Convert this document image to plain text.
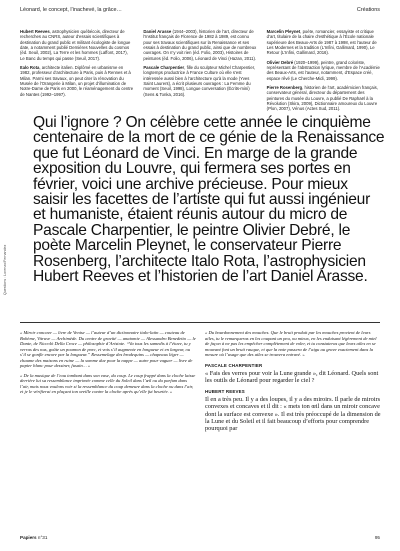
Léonard, le concept, l’inachevé, la grâce…	Créations

Hubert Reeves, astrophysicien québécois, directeur de recherches au CNRS, auteur d’essais scientifiques à destination du grand public et militant écologiste de longue date, a notamment publié Dernières Nouvelles du cosmos (éd. Seuil, 2002), La Terre et les hommes (Laffont, 2017), Le Banc du temps qui passe (Seuil, 2017).

Italo Rota, architecte italien. Diplômé en urbanisme en 1982, professeur d’architecture à Paris, puis à Rennes et à Milan. Parmi ses travaux, on peut citer la rénovation du Musée de l’Orangerie à Milan, un projet d’illumination de Notre-Dame de Paris en 2000, le réaménagement du centre de Nantes (1992–1997).

Daniel Arasse (1944–2003), historien de l’art, directeur de l’Institut français de Florence de 1982 à 1989, est connu pour ses travaux scientifiques sur la Renaissance et ses essais à destination du grand public, ainsi que de nombreux ouvrages. On n’y voit rien (éd. Folio, 2003), Histoires de peintures (éd. Folio, 2006), Léonard de Vinci (Hazan, 2011).

Pascale Charpentier, fille du sculpteur Michel Charpentier, longtemps productrice à France Culture où elle s’est intéressée aussi bien à l’architecture qu’à la mode (Yves Saint Laurent), a écrit plusieurs ouvrages : La Femme du moment (Seuil, 1998), Longue conversation (Écrits-mini) (Sens & Tonka, 2016).

Marcelin Pleynet, poète, romancier, essayiste et critique d’art, titulaire de la chaire d’esthétique à l’École nationale supérieure des Beaux-Arts de 1987 à 1998, est l’auteur de Les Modernes et la tradition (L’Infini, Gallimard, 1990), Le Retour (L’Infini, Gallimard, 2016).

Olivier Debré (1920–1999), peintre, grand coloriste, représentant de l’abstraction lyrique, membre de l’Académie des Beaux-Arts, est l’auteur, notamment, d’Espace créé, espace rêvé (Le Cherche-Midi, 1999).

Pierre Rosenberg, historien de l’art, académicien français, conservateur général, directeur du département des peintures du musée du Louvre, a publié De Raphaël à la Révolution (Skira, 2009), Dictionnaire amoureux du Louvre (Plon, 2007), Vénus (Actes Sud, 2011).

Questions : Lorenzo/Fernandez

Qui l’ignore ? On célèbre cette année le cinquième centenaire de la mort de ce génie de la Renaissance que fut Léonard de Vinci. En marge de la grande exposition du Louvre, qui fermera ses portes en février, voici une archive précieuse. Pour mieux saisir les facettes de l’artiste qui fut aussi ingénieur et humaniste, étaient réunis autour du micro de Pascale Charpentier, le peintre Olivier Debré, le poète Marcelin Pleynet, le conservateur Pierre Rosenberg, l’architecte Italo Rota, l’astrophysicien Hubert Reeves et l’historien de l’art Daniel Arasse.

« Miroir concave — livre de Venise — l’auteur d’un dictionnaire italo-latin — couteau de Bohème, Vitruve — Archimède. Du centre de gravité — anatomie — Alessandro Benedetto — le Dante, de Niccolò Della Croce — philosophie d’Aristote. “Va tous les samedis à l’étuve, tu y verras des nus, goûte un poumon de porc, et vois s’il augmente en longueur et en largeur, ou s’il se gonfle encore par la longueur.” Ressemelage des brodequins — chapeaux léger — chaume des maisons en ruine — la somme due pour la nappe — autre pour vaguer — livre de papier blanc pour dessiner, fusain… »

« De la musique de l’eau tombant dans son vase, du coup. Le coup frappé dans la cloche laisse derrière lui sa ressemblance imprimée comme celle du Soleil dans l’œil ou du parfum dans l’air, mais nous voulons voir si la ressemblance du coup demeure dans la cloche ou dans l’air, et je le vérifierai en plaçant ton oreille contre la cloche après qu’elle fut heurtée. »

« Du bourdonnement des mouches. Que le bruit produit par les mouches provient de leurs ailes, tu le remarqueras en les coupant un peu, ou mieux, en les enduisant légèrement de miel de façon à ne pas les empêcher complètement de voler, et tu constateras que leurs ailes en se mouvant font un bruit rauque, et que la note passera de l’aigu au grave exactement dans la mesure où l’usage que des ailes se trouvera entravé. »

PASCALE CHARPENTIER

« Fais des verres pour voir la Lune grande », dit Léonard. Quels sont les outils de Léonard pour regarder le ciel ?

HUBERT REEVES

Il en a très peu. Il y a des loupes, il y a des miroirs. Il parle de miroirs convexes et concaves et il dit : « mets ton œil dans un miroir concave dont la surface est convexe ». Il est très préoccupé de la dimension de la Lune et du Soleil et il fait beaucoup d’efforts pour comprendre pourquoi par

Papiers n°31	95
